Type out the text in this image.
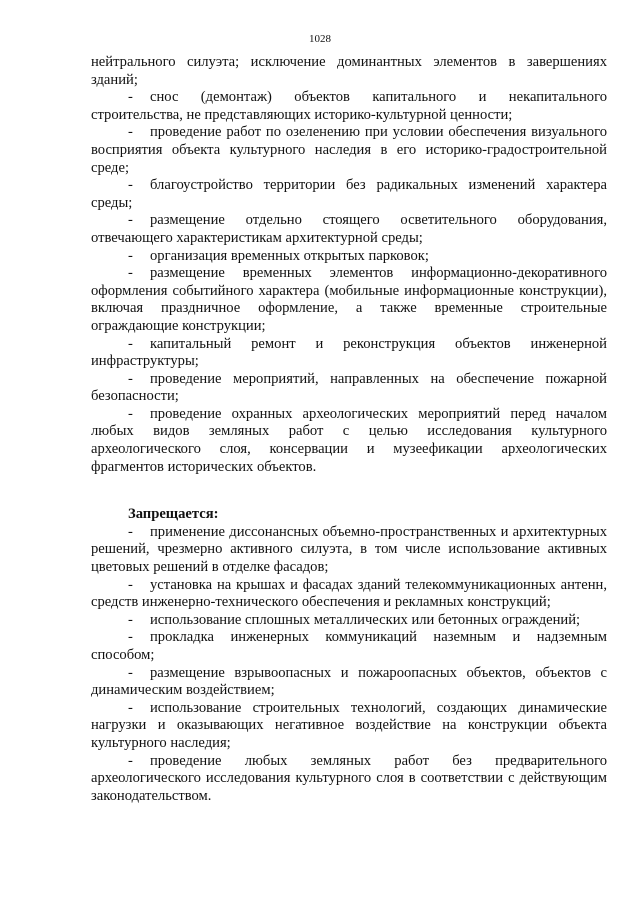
1028

нейтрального силуэта; исключение доминантных элементов в завершениях зданий;

- снос (демонтаж) объектов капитального и некапитального строительства, не представляющих историко-культурной ценности;

- проведение работ по озеленению при условии обеспечения визуального восприятия объекта культурного наследия в его историко-градостроительной среде;

- благоустройство территории без радикальных изменений характера среды;

- размещение отдельно стоящего осветительного оборудования, отвечающего характеристикам архитектурной среды;

- организация временных открытых парковок;

- размещение временных элементов информационно-декоративного оформления событийного характера (мобильные информационные конструкции), включая праздничное оформление, а также временные строительные ограждающие конструкции;

- капитальный ремонт и реконструкция объектов инженерной инфраструктуры;

- проведение мероприятий, направленных на обеспечение пожарной безопасности;

- проведение охранных археологических мероприятий перед началом любых видов земляных работ с целью исследования культурного археологического слоя, консервации и музеефикации археологических фрагментов исторических объектов.

Запрещается:

- применение диссонансных объемно-пространственных и архитектурных решений, чрезмерно активного силуэта, в том числе использование активных цветовых решений в отделке фасадов;

- установка на крышах и фасадах зданий телекоммуникационных антенн, средств инженерно-технического обеспечения и рекламных конструкций;

- использование сплошных металлических или бетонных ограждений;

- прокладка инженерных коммуникаций наземным и надземным способом;

- размещение взрывоопасных и пожароопасных объектов, объектов с динамическим воздействием;

- использование строительных технологий, создающих динамические нагрузки и оказывающих негативное воздействие на конструкции объекта культурного наследия;

- проведение любых земляных работ без предварительного археологического исследования культурного слоя в соответствии с действующим законодательством.
